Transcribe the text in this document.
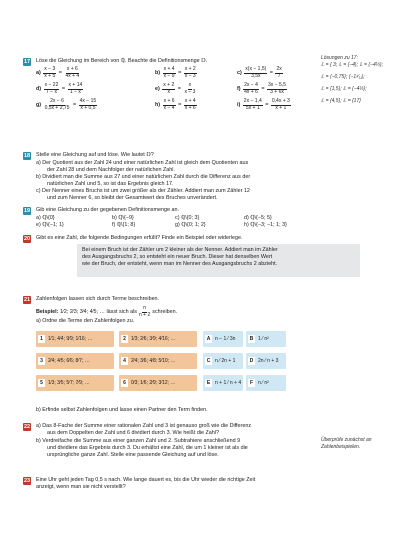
17 Löse die Gleichung im Bereich von ℚ. Beachte die Definitionsmenge 𝔻.
a)
$\frac{x - 3}{x + 5} = \frac{x + 6}{4x + 4}$	b)
$\frac{x + 4}{x - 9} = \frac{x + 2}{x - 3}$	c)
$\frac{x(x - 1,5)}{3,5x} = \frac{2x}{7}$
d)
$\frac{x - 22}{7 - x} = \frac{x + 14}{1 - x}$	e)
$\frac{x + 2}{x} = \frac{x}{x - 3}$	f)
$\frac{2x - 4}{4x + 6} = \frac{3x - 5,5}{3 + 6x}$
g)
$\frac{2x - 6}{0,5x + 2,75} = \frac{4x - 15}{x + 0,5}$	h)
$\frac{x + 6}{x - 4} = \frac{x + 4}{x + 6}$	i)
$\frac{2x - 1,4}{5x + 1} = \frac{0,4x + 3}{x + 1}$
Lösungen zu 17:
𝕃 = { 3; 𝕃 = {−4}; 𝕃 = {−4⅓};
𝕃 = {−0,75}; {−1¹⁄₁₁};
𝕃 = {1,5}; 𝕃 = {−4½};
𝕃 = {4,5}; 𝕃 = {17}
18 Stelle eine Gleichung auf und löse. Wie lautet 𝔻?
a) Der Quotient aus der Zahl 24 und einer natürlichen Zahl ist gleich dem Quotienten aus
der Zahl 28 und dem Nachfolger der natürlichen Zahl.
b) Dividiert man die Summe aus 27 und einer natürlichen Zahl durch die Differenz aus der
natürlichen Zahl und 5, so ist das Ergebnis gleich 17.
c) Der Nenner eines Bruchs ist um zwei größer als der Zähler. Addiert man zum Zähler 12
und zum Nenner 6, so bleibt der Gesamtwert des Bruches unverändert.
19 Gib eine Gleichung zu der gegebenen Definitionsmenge an.
a) ℚ\{0}	b) ℚ\{−9}	c) ℚ\{0; 3}	d) ℚ\{−5; 5}
e) ℚ\{−1; 1}	f) ℚ\{1; 8}	g) ℚ\{0; 1; 2}	h) ℚ\{−3; −1; 1; 3}
20 Gibt es eine Zahl, die folgende Bedingungen erfüllt? Finde ein Beispiel oder widerlege.
Bei einem Bruch ist der Zähler um 2 kleiner als der Nenner. Addiert man im Zähler
des Ausgangsbruchs 2, so entsteht ein neuer Bruch. Dieser hat denselben Wert
wie der Bruch, der entsteht, wenn man im Nenner des Ausgangsbruchs 2 abzieht.
21 Zahlenfolgen lassen sich durch Terme beschreiben.
Beispiel:
1⁄2; 2⁄3; 3⁄4; 4⁄5; …
lässt sich als $\frac{n}{n + 2}$ schreiben.
a) Ordne die Terme den Zahlenfolgen zu.
1	1⁄1; 4⁄4; 9⁄9; 1⁄16; …	2	1⁄3; 2⁄6; 3⁄9; 4⁄16; …
3	2⁄4; 4⁄5; 6⁄6; 8⁄7; …	4	2⁄4; 3⁄6; 4⁄8; 5⁄10; …
5	1⁄3; 3⁄5; 5⁄7; 7⁄9; …	6	0⁄3; 1⁄6; 2⁄9; 3⁄12; …
A n − 1 ⁄ 3n	B 1 ⁄ n²
C n ⁄ 2n + 1	D 2n ⁄ n + 3
E n + 1 ⁄ n + 4	F n ⁄ n²
b) Erfinde selbst Zahlenfolgen und lasse einen Partner den Term finden.
22 a) Das 8-Fache der Summe einer rationalen Zahl und 3 ist genauso groß wie die Differenz
aus dem Doppelten der Zahl und 6 dividiert durch 3. Wie heißt die Zahl?
b) Verdreifache die Summe aus einer ganzen Zahl und 2. Subtrahiere anschließend 9
und dividiere das Ergebnis durch 3. Du erhältst eine Zahl, die um 1 kleiner ist als die
ursprüngliche ganze Zahl. Stelle eine passende Gleichung auf und löse.
Überprüfe zunächst an
Zahlenbeispielen.
23 Eine Uhr geht jeden Tag 0,5 s nach. Wie lange dauert es, bis die Uhr wieder die richtige Zeit
anzeigt, wenn man sie nicht verstellt?
